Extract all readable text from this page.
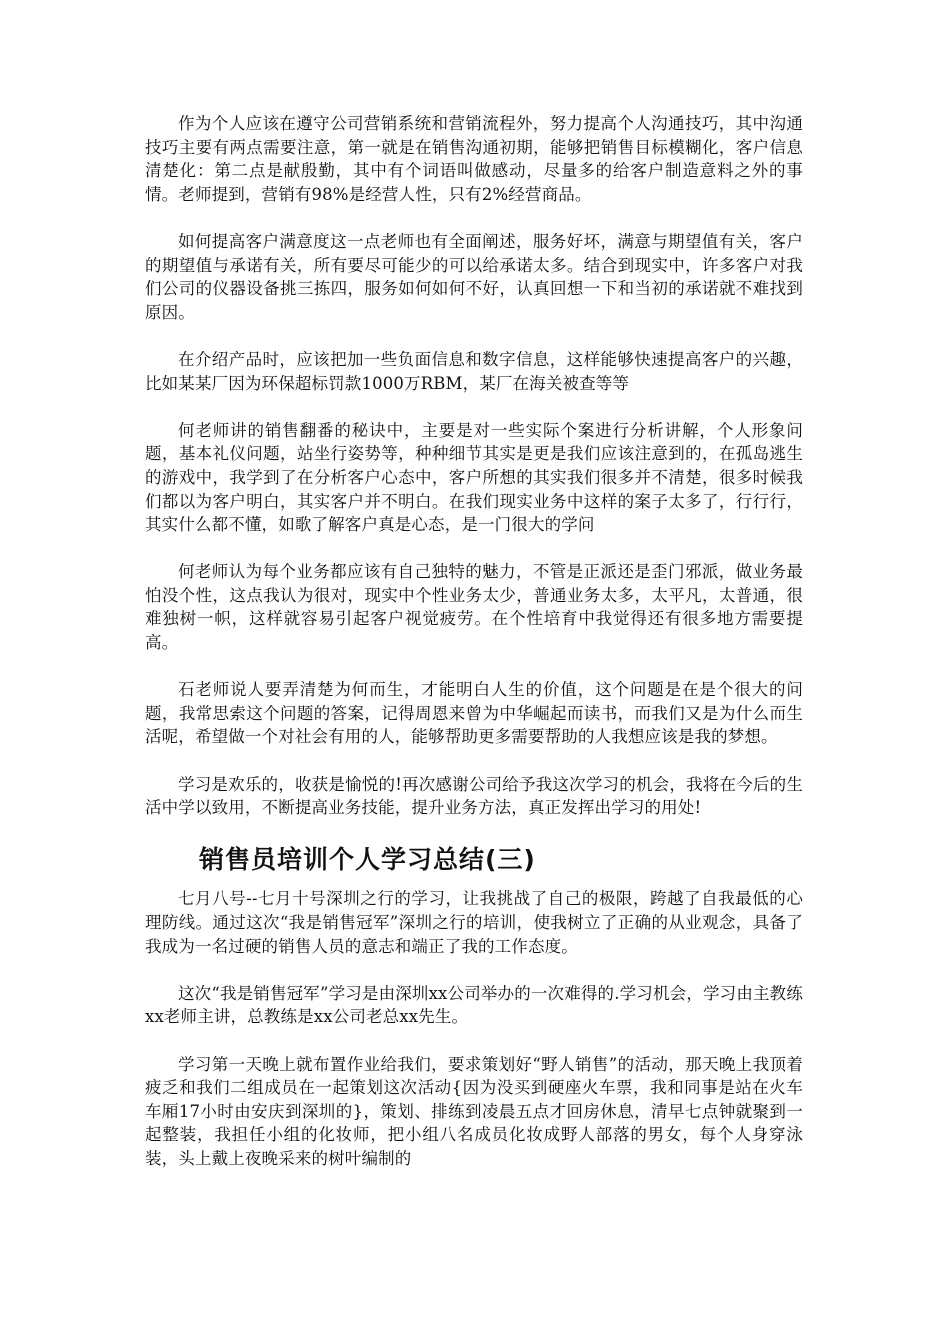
作为个人应该在遵守公司营销系统和营销流程外，努力提高个人沟通技巧，其中沟通技巧主要有两点需要注意，第一就是在销售沟通初期，能够把销售目标模糊化，客户信息清楚化：第二点是献殷勤，其中有个词语叫做感动，尽量多的给客户制造意料之外的事情。老师提到，营销有98%是经营人性，只有2%经营商品。

如何提高客户满意度这一点老师也有全面阐述，服务好坏，满意与期望值有关，客户的期望值与承诺有关，所有要尽可能少的可以给承诺太多。结合到现实中，许多客户对我们公司的仪器设备挑三拣四，服务如何如何不好，认真回想一下和当初的承诺就不难找到原因。

在介绍产品时，应该把加一些负面信息和数字信息，这样能够快速提高客户的兴趣，比如某某厂因为环保超标罚款1000万RBM，某厂在海关被查等等

何老师讲的销售翻番的秘诀中，主要是对一些实际个案进行分析讲解，个人形象问题，基本礼仪问题，站坐行姿势等，种种细节其实是更是我们应该注意到的，在孤岛逃生的游戏中，我学到了在分析客户心态中，客户所想的其实我们很多并不清楚，很多时候我们都以为客户明白，其实客户并不明白。在我们现实业务中这样的案子太多了，行行行，其实什么都不懂，如歌了解客户真是心态，是一门很大的学问

何老师认为每个业务都应该有自己独特的魅力，不管是正派还是歪门邪派，做业务最怕没个性，这点我认为很对，现实中个性业务太少，普通业务太多，太平凡，太普通，很难独树一帜，这样就容易引起客户视觉疲劳。在个性培育中我觉得还有很多地方需要提高。

石老师说人要弄清楚为何而生，才能明白人生的价值，这个问题是在是个很大的问题，我常思索这个问题的答案，记得周恩来曾为中华崛起而读书，而我们又是为什么而生活呢，希望做一个对社会有用的人，能够帮助更多需要帮助的人我想应该是我的梦想。

学习是欢乐的，收获是愉悦的!再次感谢公司给予我这次学习的机会，我将在今后的生活中学以致用，不断提高业务技能，提升业务方法，真正发挥出学习的用处!

销售员培训个人学习总结(三)

七月八号--七月十号深圳之行的学习，让我挑战了自己的极限，跨越了自我最低的心理防线。通过这次“我是销售冠军”深圳之行的培训，使我树立了正确的从业观念，具备了我成为一名过硬的销售人员的意志和端正了我的工作态度。

这次“我是销售冠军”学习是由深圳xx公司举办的一次难得的.学习机会，学习由主教练xx老师主讲，总教练是xx公司老总xx先生。

学习第一天晚上就布置作业给我们，要求策划好“野人销售”的活动，那天晚上我顶着疲乏和我们二组成员在一起策划这次活动{因为没买到硬座火车票，我和同事是站在火车车厢17小时由安庆到深圳的}，策划、排练到凌晨五点才回房休息，清早七点钟就聚到一起整装，我担任小组的化妆师，把小组八名成员化妆成野人部落的男女，每个人身穿泳装，头上戴上夜晚采来的树叶编制的
